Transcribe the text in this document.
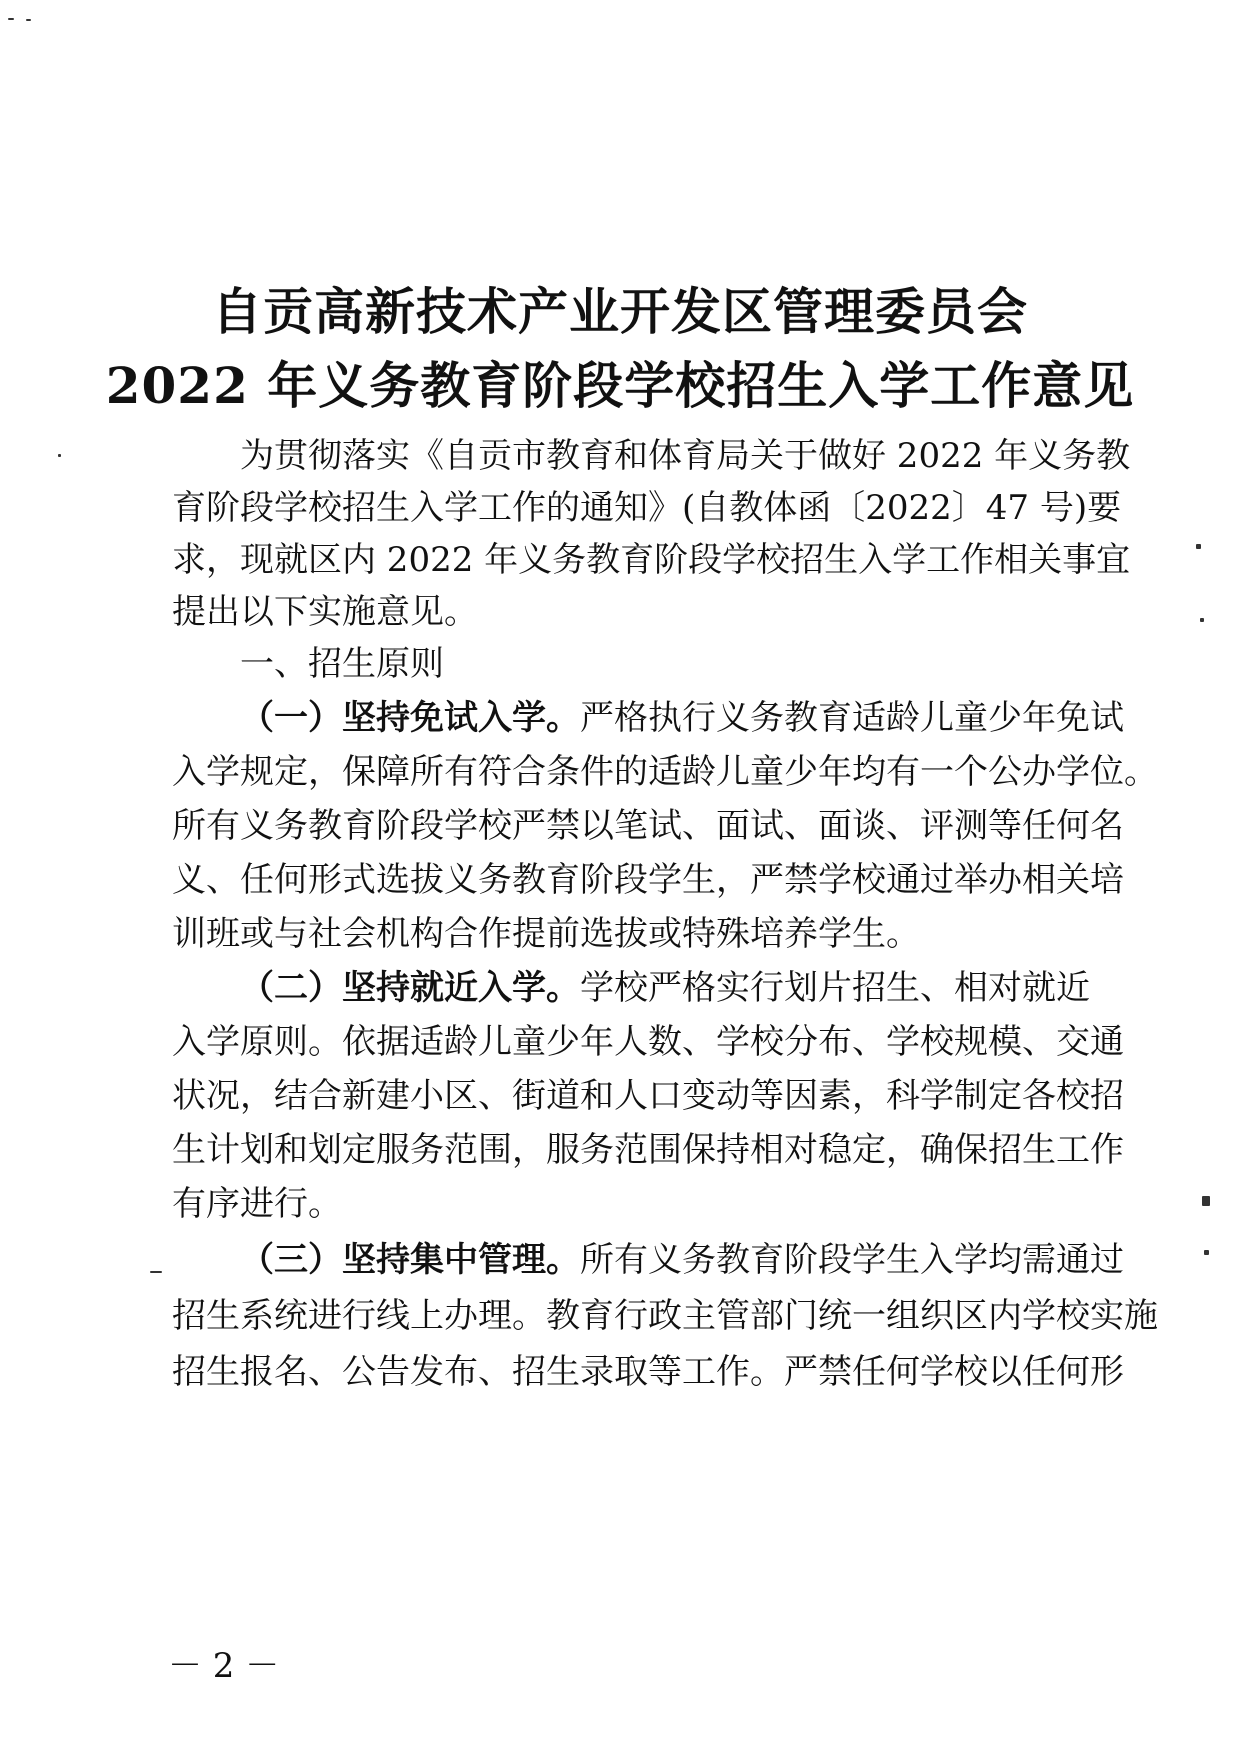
自贡高新技术产业开发区管理委员会
2022 年义务教育阶段学校招生入学工作意见
为贯彻落实《自贡市教育和体育局关于做好 2022 年义务教
育阶段学校招生入学工作的通知》(自教体函〔2022〕47 号)要
求，现就区内 2022 年义务教育阶段学校招生入学工作相关事宜
提出以下实施意见。
一、招生原则
（一）坚持免试入学。严格执行义务教育适龄儿童少年免试
入学规定，保障所有符合条件的适龄儿童少年均有一个公办学位。
所有义务教育阶段学校严禁以笔试、面试、面谈、评测等任何名
义、任何形式选拔义务教育阶段学生，严禁学校通过举办相关培
训班或与社会机构合作提前选拔或特殊培养学生。
（二）坚持就近入学。学校严格实行划片招生、相对就近
入学原则。依据适龄儿童少年人数、学校分布、学校规模、交通
状况，结合新建小区、街道和人口变动等因素，科学制定各校招
生计划和划定服务范围，服务范围保持相对稳定，确保招生工作
有序进行。
（三）坚持集中管理。所有义务教育阶段学生入学均需通过
招生系统进行线上办理。教育行政主管部门统一组织区内学校实施
招生报名、公告发布、招生录取等工作。严禁任何学校以任何形
－ 2 －
